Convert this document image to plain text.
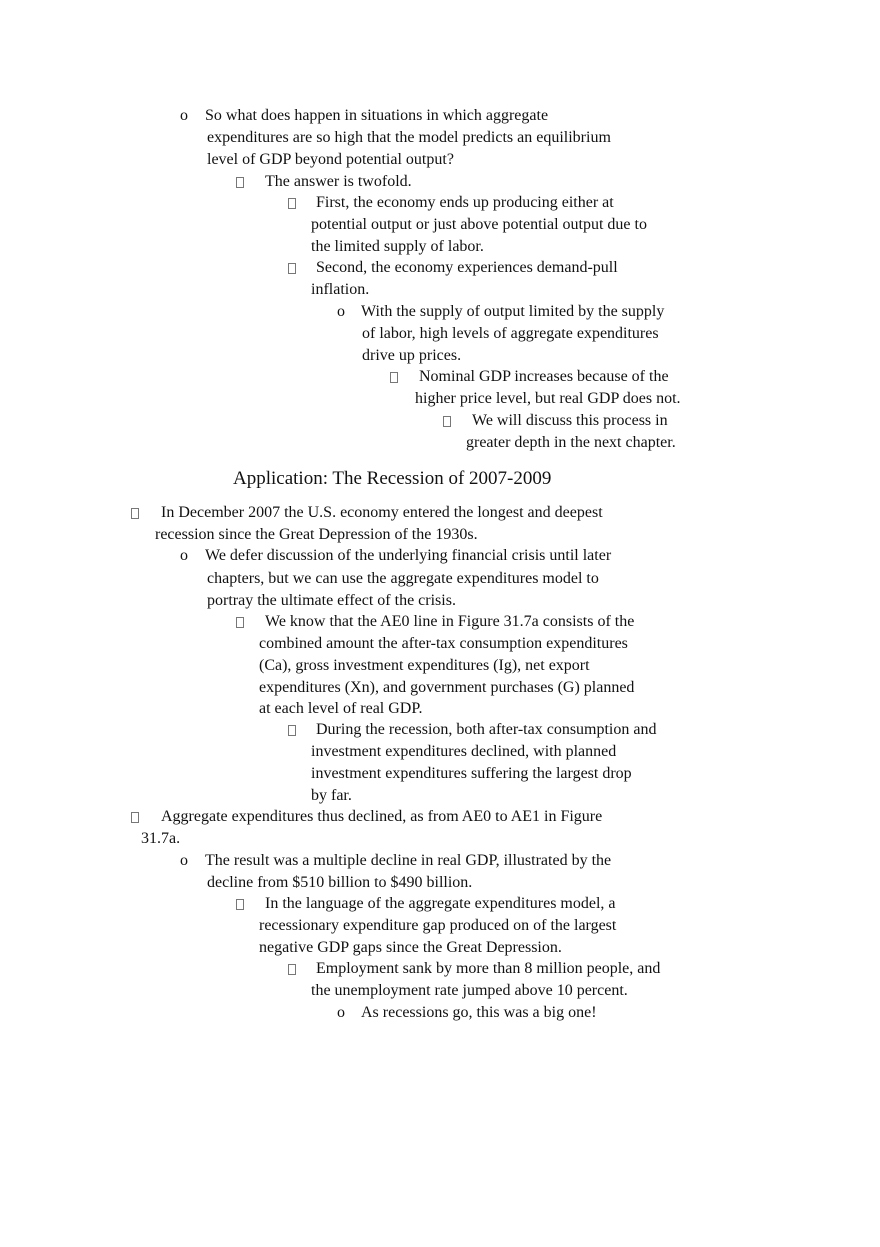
o So what does happen in situations in which aggregate
expenditures are so high that the model predicts an equilibrium
level of GDP beyond potential output?
The answer is twofold.
First, the economy ends up producing either at
potential output or just above potential output due to
the limited supply of labor.
Second, the economy experiences demand-pull
inflation.
o With the supply of output limited by the supply
of labor, high levels of aggregate expenditures
drive up prices.
Nominal GDP increases because of the
higher price level, but real GDP does not.
We will discuss this process in
greater depth in the next chapter.
Application: The Recession of 2007-2009
In December 2007 the U.S. economy entered the longest and deepest
recession since the Great Depression of the 1930s.
o We defer discussion of the underlying financial crisis until later
chapters, but we can use the aggregate expenditures model to
portray the ultimate effect of the crisis.
We know that the AE0 line in Figure 31.7a consists of the
combined amount the after-tax consumption expenditures
(Ca), gross investment expenditures (Ig), net export
expenditures (Xn), and government purchases (G) planned
at each level of real GDP.
During the recession, both after-tax consumption and
investment expenditures declined, with planned
investment expenditures suffering the largest drop
by far.
Aggregate expenditures thus declined, as from AE0 to AE1 in Figure
31.7a.
o The result was a multiple decline in real GDP, illustrated by the
decline from $510 billion to $490 billion.
In the language of the aggregate expenditures model, a
recessionary expenditure gap produced on of the largest
negative GDP gaps since the Great Depression.
Employment sank by more than 8 million people, and
the unemployment rate jumped above 10 percent.
o As recessions go, this was a big one!
